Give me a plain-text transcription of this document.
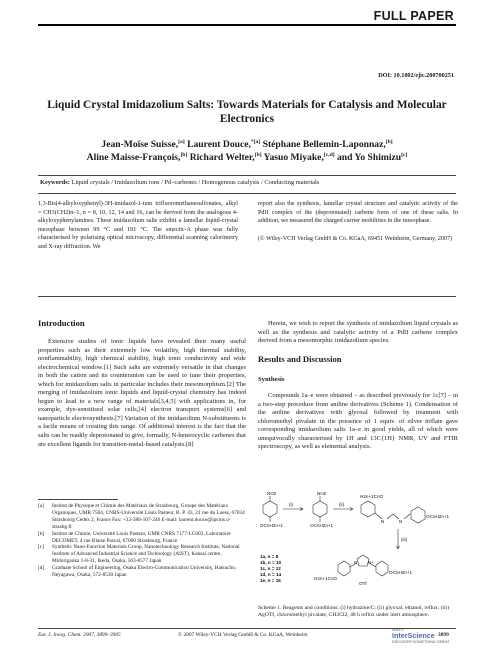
FULL PAPER
DOI: 10.1002/ejic.200700251
Liquid Crystal Imidazolium Salts: Towards Materials for Catalysis and Molecular Electronics
Jean-Moïse Suisse,[a] Laurent Douce,$^{*[a]}$ Stéphane Bellemin-Laponnaz,[b]
Aline Maisse-François,[b] Richard Welter,[b] Yasuo Miyake,[c,d] and Yo Shimizu[c]
Keywords: Liquid crystals / Imidazolium ions / Pd–carbenes / Homogenous catalysis / Conducting materials
1,3-Bis(4-alkyloxyphenyl)-3H-imidazol-1-ium trifluoromethanesulfonates, alkyl = CH3(CH2)n–1, n = 8, 10, 12, 14 and 16, can be derived from the analogous 4-alkyloxyphenylamines. These imidazolium salts exhibit a lamellar liquid-crystal mesophase between 99 °C and 191 °C. The smectic-A phase was fully characterised by polarising optical microscopy, differential scanning calorimetry and X-ray diffraction. We
report also the synthesis, lamellar crystal structure and catalytic activity of the PdII complex of the (deprotonated) carbene form of one of these salts. In addition, we measured the charged carrier mobilities in the mesophase.
(© Wiley-VCH Verlag GmbH & Co. KGaA, 69451 Weinheim, Germany, 2007)
Introduction

Extensive studies of ionic liquids have revealed their many useful properties such as their extremely low volatility, high thermal stability, nonflammability, high chemical stability, high ionic conductivity and wide electrochemical window.[1] Such salts are extremely versatile in that changes in both the cation and its counteranion can be used to tune their properties, which for imidazolium salts in particular includes their mesomorphism.[2] The merging of imidazolium ionic liquids and liquid-crystal chemistry has indeed begun to lead to a new range of materials[3,4,5] with applications in, for example, dye-sensitised solar cells,[4] electron transport systems[6] and nanoparticle electrosynthesis.[7] Variation of the imidazolium N-substituents is a facile means of creating this range. Of additional interest is the fact that the salts can be readily deprotonated to give, formally, N-heterocyclic carbenes that are excellent ligands for transition-metal-based catalysts.[8]

Herein, we wish to report the synthesis of imidazolium liquid crystals as well as the synthesis and catalytic activity of a PdII carbene complex derived from a mesomorphic imidazolium species.

Results and Discussion
Synthesis

Compounds 1a–e were obtained – as described previously for 1c[7] – in a two-step procedure from aniline derivatives (Scheme 1). Condensation of the aniline derivatives with glyoxal followed by treatment with chloromethyl pivalate in the presence of 1 equiv. of silver triflate gave corresponding imidazolium salts 1a–e in good yields, all of which were unequivocally characterised by 1H and 13C{1H} NMR, UV and FTIR spectroscopy, as well as elemental analysis.

[a]	Institut de Physique et Chimie des Matériaux de Strasbourg, Groupe des Matériaux Organiques, UMR 7504, CNRS-Université Louis Pasteur, B. P. 43, 23 rue du Loess, 67034 Strasbourg Cedex 2, France Fax: +33-388-107-246 E-mail: laurent.douce@ipcms.u-strasbg.fr
[b]	Institut de Chimie, Université Louis Pasteur, UMR CNRS 7177-LC003, Laboratoire DECOMET, 4 rue Blaise Pascal, 67000 Strasbourg, France
[c]	Synthetic Nano-Function Materials Group, Nanotechnology Research Institute, National Institute of Advanced Industrial Science and Technology (AIST), Kansai centre, Midorigaoka 1-8-31, Ikeda, Osaka, 563-8577 Japan
[d]	Graduate School of Engineering, Osaka Electro-Communication University, Hatsucho, Neyagawa, Osaka, 572-8530 Japan
NO2
OCnH2n+1
(i)
NH2
OCnH2n+1
(ii)
H2n+1CnO
N	N
OCnH2n+1
(iii)
N N+
H2n+1CnO
OCnH2n+1
OTf
1a, n = 8
1b, n = 10
1c, n = 12
1d, n = 14
1e, n = 16
Scheme 1. Reagents and conditions: (i) hydrazine/C; (ii) glyoxal, ethanol, reflux; (iii) AgOTf, chloromethyl pivalate, CH2Cl2, 48 h reflux under inert atmosphere.
Eur. J. Inorg. Chem. 2007, 3899–3905	© 2007 Wiley-VCH Verlag GmbH & Co. KGaA, Weinheim
WILEY
InterScience
DISCOVER SOMETHING GREAT
3899
